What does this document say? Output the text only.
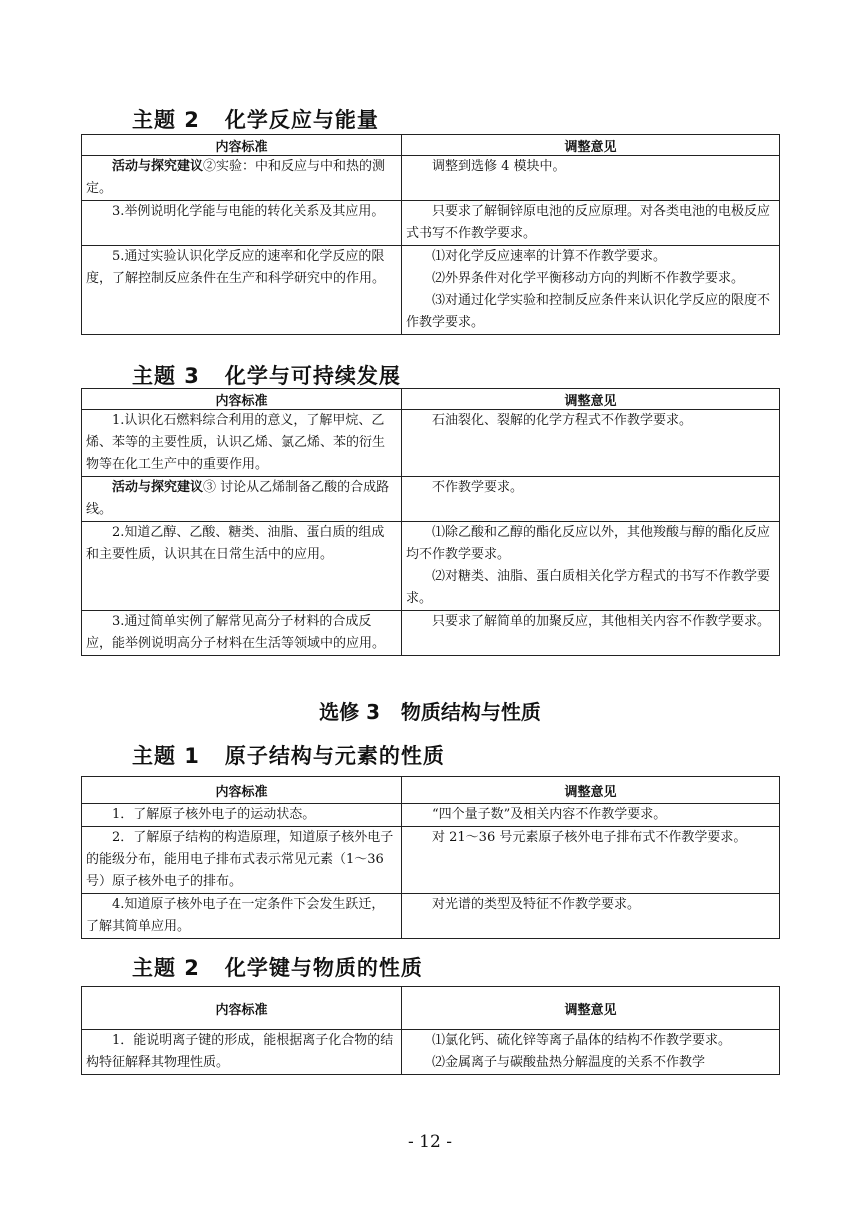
主题 2   化学反应与能量
内容标准	调整意见

活动与探究建议②实验：中和反应与中和热的测定。	调整到选修 4 模块中。

3.举例说明化学能与电能的转化关系及其应用。	只要求了解铜锌原电池的反应原理。对各类电池的电极反应式书写不作教学要求。

5.通过实验认识化学反应的速率和化学反应的限度，了解控制反应条件在生产和科学研究中的作用。	⑴对化学反应速率的计算不作教学要求。

⑵外界条件对化学平衡移动方向的判断不作教学要求。

⑶对通过化学实验和控制反应条件来认识化学反应的限度不作教学要求。

主题 3   化学与可持续发展
内容标准	调整意见

1.认识化石燃料综合利用的意义，了解甲烷、乙烯、苯等的主要性质，认识乙烯、氯乙烯、苯的衍生物等在化工生产中的重要作用。	石油裂化、裂解的化学方程式不作教学要求。

活动与探究建议③ 讨论从乙烯制备乙酸的合成路线。	不作教学要求。

2.知道乙醇、乙酸、糖类、油脂、蛋白质的组成和主要性质，认识其在日常生活中的应用。	⑴除乙酸和乙醇的酯化反应以外，其他羧酸与醇的酯化反应均不作教学要求。

⑵对糖类、油脂、蛋白质相关化学方程式的书写不作教学要求。

3.通过简单实例了解常见高分子材料的合成反应，能举例说明高分子材料在生活等领域中的应用。	只要求了解简单的加聚反应，其他相关内容不作教学要求。

选修 3   物质结构与性质
主题 1   原子结构与元素的性质
内容标准	调整意见

1．了解原子核外电子的运动状态。	“四个量子数”及相关内容不作教学要求。

2．了解原子结构的构造原理，知道原子核外电子的能级分布，能用电子排布式表示常见元素（1～36 号）原子核外电子的排布。	对 21～36 号元素原子核外电子排布式不作教学要求。

4.知道原子核外电子在一定条件下会发生跃迁，了解其简单应用。	对光谱的类型及特征不作教学要求。

主题 2   化学键与物质的性质
内容标准	调整意见

1．能说明离子键的形成，能根据离子化合物的结构特征解释其物理性质。	⑴氯化钙、硫化锌等离子晶体的结构不作教学要求。

⑵金属离子与碳酸盐热分解温度的关系不作教学

- 12 -
